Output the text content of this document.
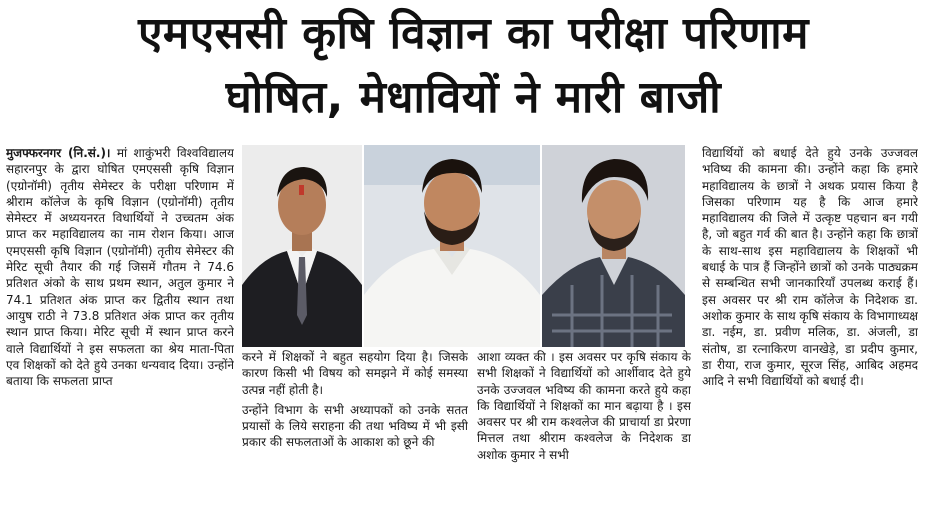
एमएससी कृषि विज्ञान का परीक्षा परिणाम
घोषित, मेधावियों ने मारी बाजी
मुजफ्फरनगर (नि.सं.)। मां शाकुंभरी विश्वविद्यालय सहारनपुर के द्वारा घोषित एमएससी कृषि विज्ञान (एग्रोनॉमी) तृतीय सेमेस्टर के परीक्षा परिणाम में श्रीराम कॉलेज के कृषि विज्ञान (एग्रोनॉमी) तृतीय सेमेस्टर में अध्ययनरत विधार्थियों ने उच्चतम अंक प्राप्त कर महाविद्यालय का नाम रोशन किया। आज एमएससी कृषि विज्ञान (एग्रोनॉमी) तृतीय सेमेस्टर की मेरिट सूची तैयार की गई जिसमें गौतम ने 74.6 प्रतिशत अंको के साथ प्रथम स्थान, अतुल कुमार ने 74.1 प्रतिशत अंक प्राप्त कर द्वितीय स्थान तथा आयुष राठी ने 73.8 प्रतिशत अंक प्राप्त कर तृतीय स्थान प्राप्त किया। मेरिट सूची में स्थान प्राप्त करने वाले विद्यार्थियों ने इस सफलता का श्रेय माता-पिता एव शिक्षकों को देते हुये उनका धन्यवाद दिया। उन्होंने बताया कि सफलता प्राप्त

करने में शिक्षकों ने बहुत सहयोग दिया है। जिसके कारण किसी भी विषय को समझने में कोई समस्या उत्पन्न नहीं होती है।

उन्होंने विभाग के सभी अध्यापकों को उनके सतत प्रयासों के लिये सराहना की तथा भविष्य में भी इसी प्रकार की सफलताओं के आकाश को छूने की

आशा व्यक्त की । इस अवसर पर कृषि संकाय के सभी शिक्षकों ने विद्यार्थियों को आर्शीवाद देते हुये उनके उज्जवल भविष्य की कामना करते हुये कहा कि विद्यार्थियों ने शिक्षकों का मान बढ़ाया है । इस अवसर पर श्री राम कश्वलेज की प्राचार्या डा प्रेरणा मित्तल तथा श्रीराम कश्वलेज के निदेशक डा अशोक कुमार ने सभी

विद्यार्थियों को बधाई देते हुये उनके उज्जवल भविष्य की कामना की। उन्होंने कहा कि हमारे महाविद्यालय के छात्रों ने अथक प्रयास किया है जिसका परिणाम यह है कि आज हमारे महाविद्यालय की जिले में उत्कृष्ट पहचान बन गयी है, जो बहुत गर्व की बात है। उन्होंने कहा कि छात्रों के साथ-साथ इस महाविद्यालय के शिक्षकों भी बधाई के पात्र हैं जिन्होंने छात्रों को उनके पाठ्यक्रम से सम्बन्धित सभी जानकारियाँ उपलब्ध कराई हैं। इस अवसर पर श्री राम कॉलेज के निदेशक डा. अशोक कुमार के साथ कृषि संकाय के विभागाध्यक्ष डा. नईम, डा. प्रवीण मलिक, डा. अंजली, डा संतोष, डा रत्नाकिरण वानखेड़े, डा प्रदीप कुमार, डा रीया, राज कुमार, सूरज सिंह, आबिद अहमद आदि ने सभी विद्यार्थियों को बधाई दी।
